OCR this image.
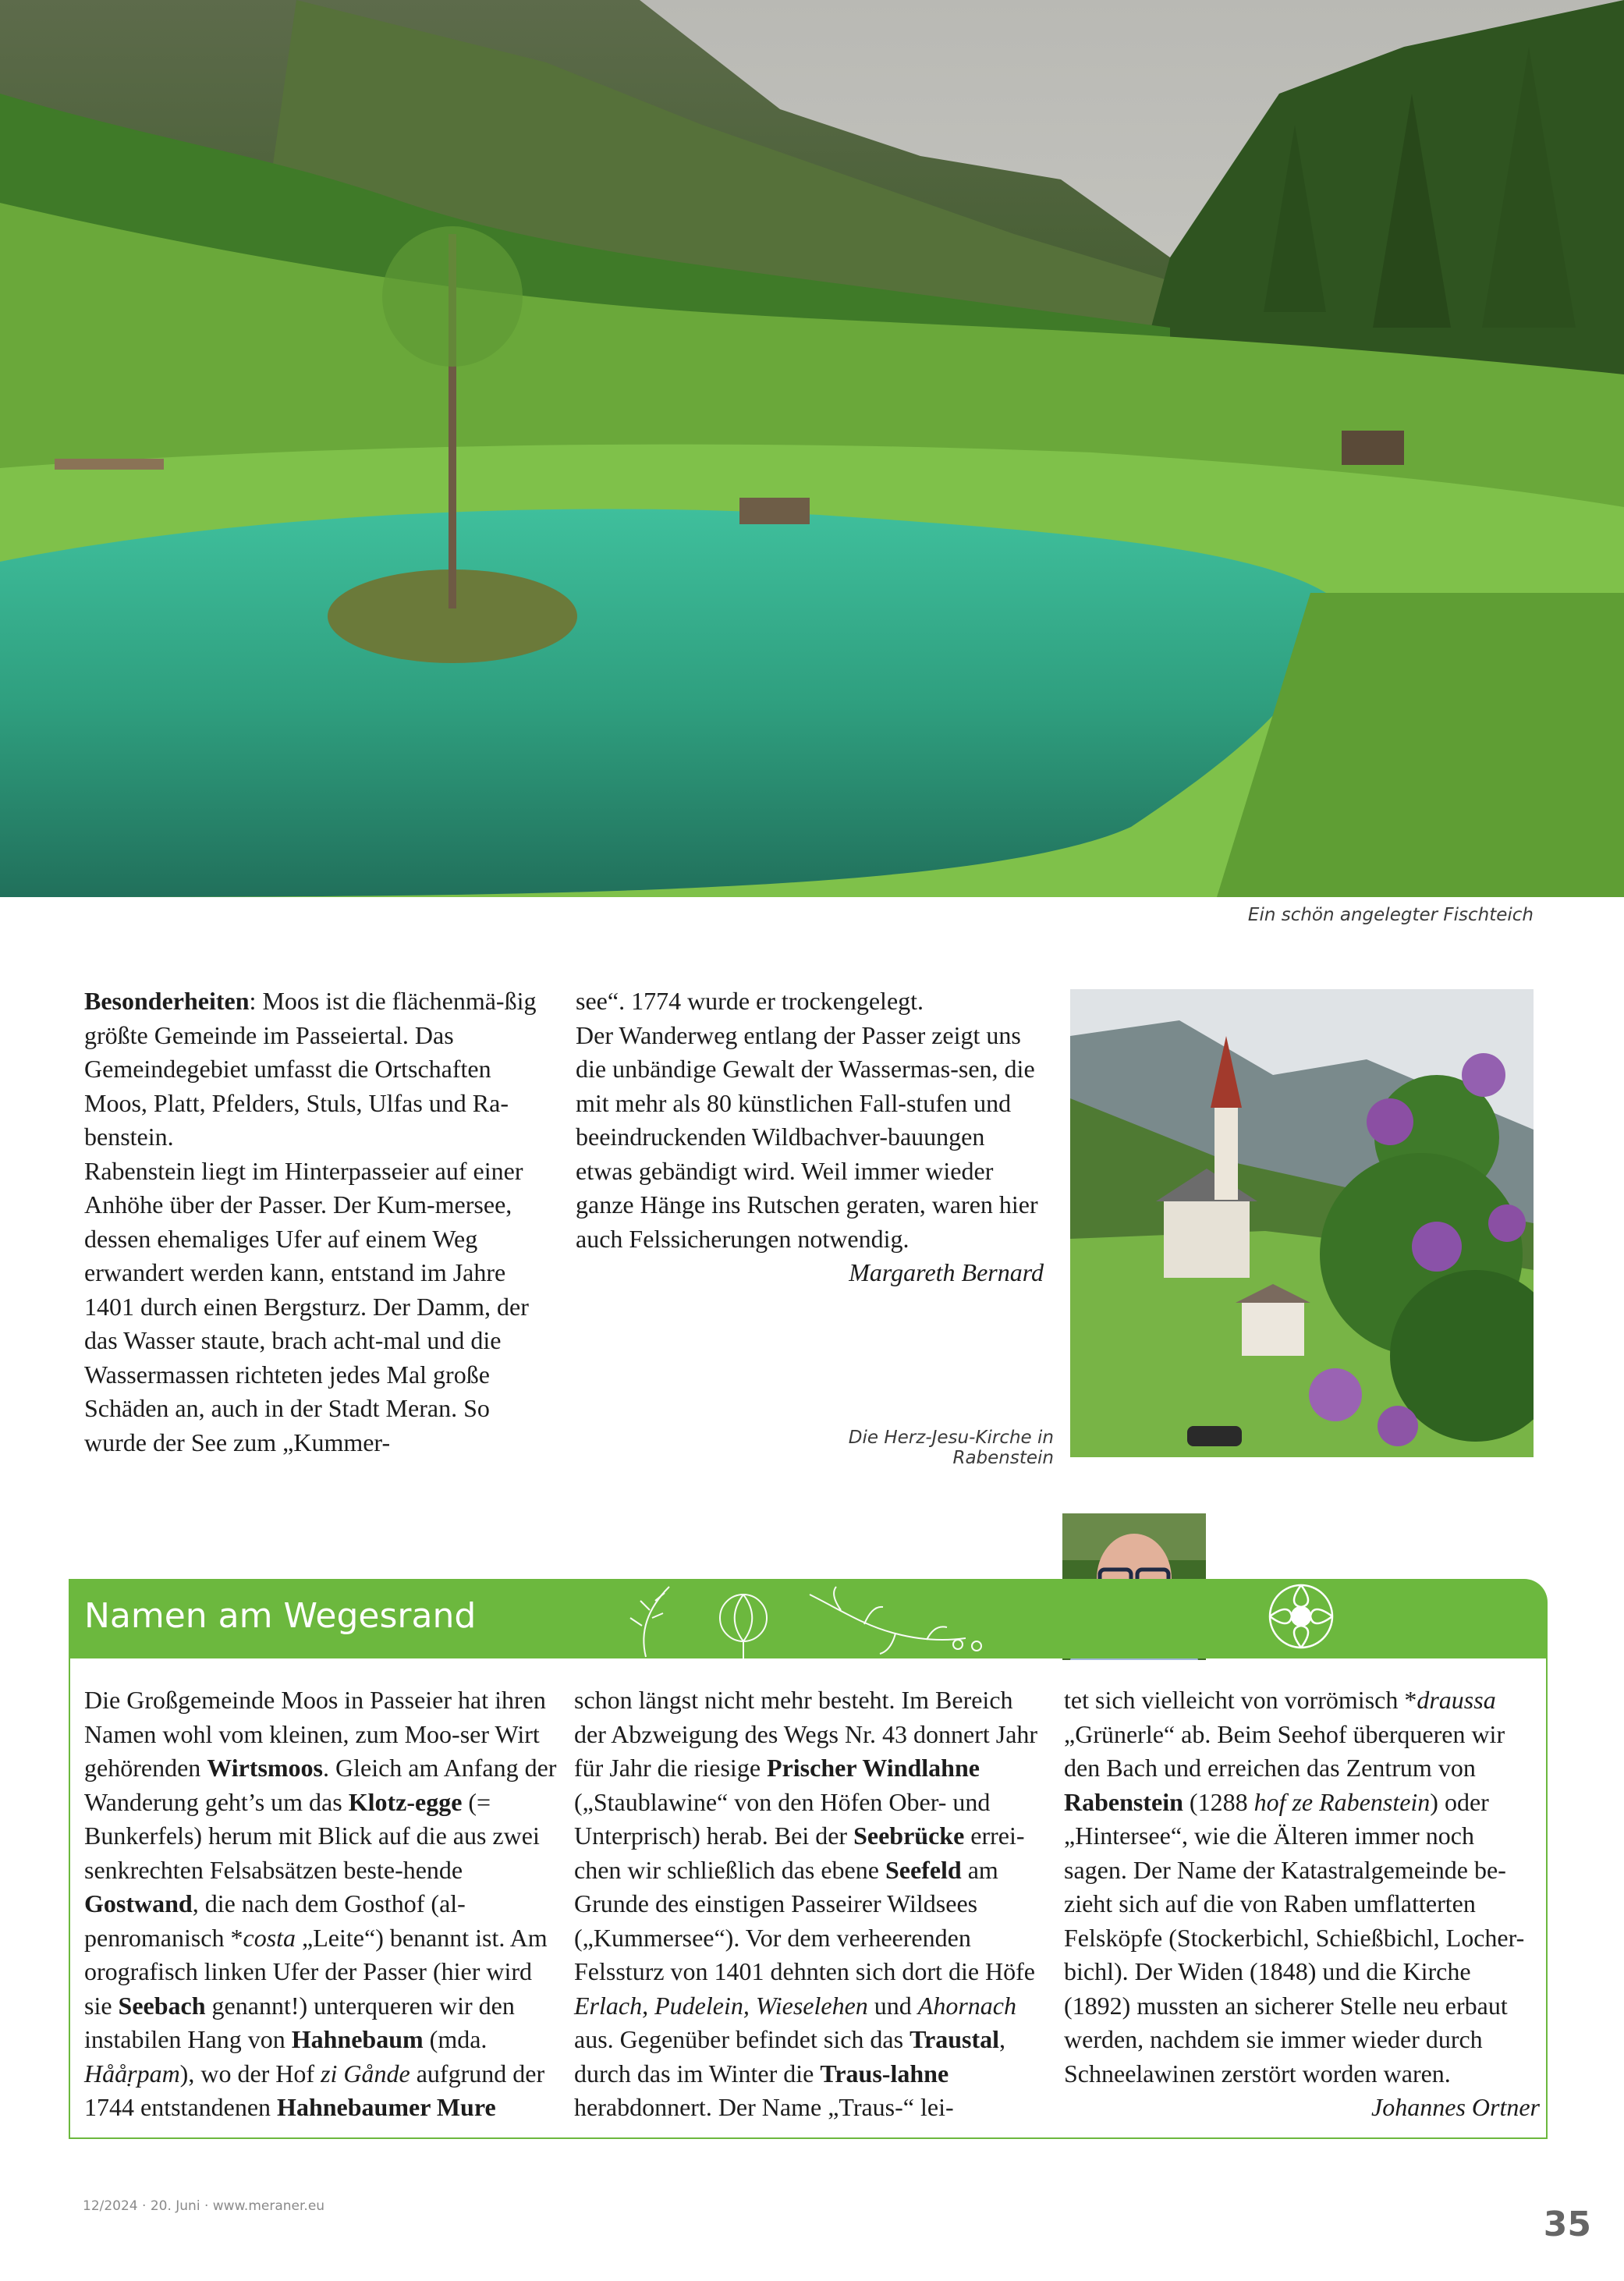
Ein schön angelegter Fischteich

Besonderheiten: Moos ist die flächenmä-ßig größte Gemeinde im Passeiertal. Das Gemeindegebiet umfasst die Ortschaften Moos, Platt, Pfelders, Stuls, Ulfas und Ra-benstein.

Rabenstein liegt im Hinterpasseier auf einer Anhöhe über der Passer. Der Kum-mersee, dessen ehemaliges Ufer auf einem Weg erwandert werden kann, entstand im Jahre 1401 durch einen Bergsturz. Der Damm, der das Wasser staute, brach acht-mal und die Wassermassen richteten jedes Mal große Schäden an, auch in der Stadt Meran. So wurde der See zum „Kummer-

see“. 1774 wurde er trockengelegt.

Der Wanderweg entlang der Passer zeigt uns die unbändige Gewalt der Wassermas-sen, die mit mehr als 80 künstlichen Fall-stufen und beeindruckenden Wildbachver-bauungen etwas gebändigt wird. Weil immer wieder ganze Hänge ins Rutschen geraten, waren hier auch Felssicherungen notwendig.

Margareth Bernard

Die Herz-Jesu-Kirche in Rabenstein
Namen am Wegesrand

Die Großgemeinde Moos in Passeier hat ihren Namen wohl vom kleinen, zum Moo-ser Wirt gehörenden Wirtsmoos. Gleich am Anfang der Wanderung geht’s um das Klotz-egge (= Bunkerfels) herum mit Blick auf die aus zwei senkrechten Felsabsätzen beste-hende Gostwand, die nach dem Gosthof (al-penromanisch *costa „Leite“) benannt ist. Am orografisch linken Ufer der Passer (hier wird sie Seebach genannt!) unterqueren wir den instabilen Hang von Hahnebaum (mda. Hååṛpam), wo der Hof zi Gånde aufgrund der 1744 entstandenen Hahnebaumer Mure

schon längst nicht mehr besteht. Im Bereich der Abzweigung des Wegs Nr. 43 donnert Jahr für Jahr die riesige Prischer Windlahne („Staublawine“ von den Höfen Ober- und Unterprisch) herab. Bei der Seebrücke errei-chen wir schließlich das ebene Seefeld am Grunde des einstigen Passeirer Wildsees („Kummersee“). Vor dem verheerenden Felssturz von 1401 dehnten sich dort die Höfe Erlach, Pudelein, Wieselehen und Ahornach aus. Gegenüber befindet sich das Traustal, durch das im Winter die Traus-lahne herabdonnert. Der Name „Traus-“ lei-

tet sich vielleicht von vorrömisch *draussa „Grünerle“ ab. Beim Seehof überqueren wir den Bach und erreichen das Zentrum von Rabenstein (1288 hof ze Rabenstein) oder „Hintersee“, wie die Älteren immer noch sagen. Der Name der Katastralgemeinde be-zieht sich auf die von Raben umflatterten Felsköpfe (Stockerbichl, Schießbichl, Locher-bichl). Der Widen (1848) und die Kirche (1892) mussten an sicherer Stelle neu erbaut werden, nachdem sie immer wieder durch Schneelawinen zerstört worden waren.

Johannes Ortner

12/2024 · 20. Juni · www.meraner.eu	35
